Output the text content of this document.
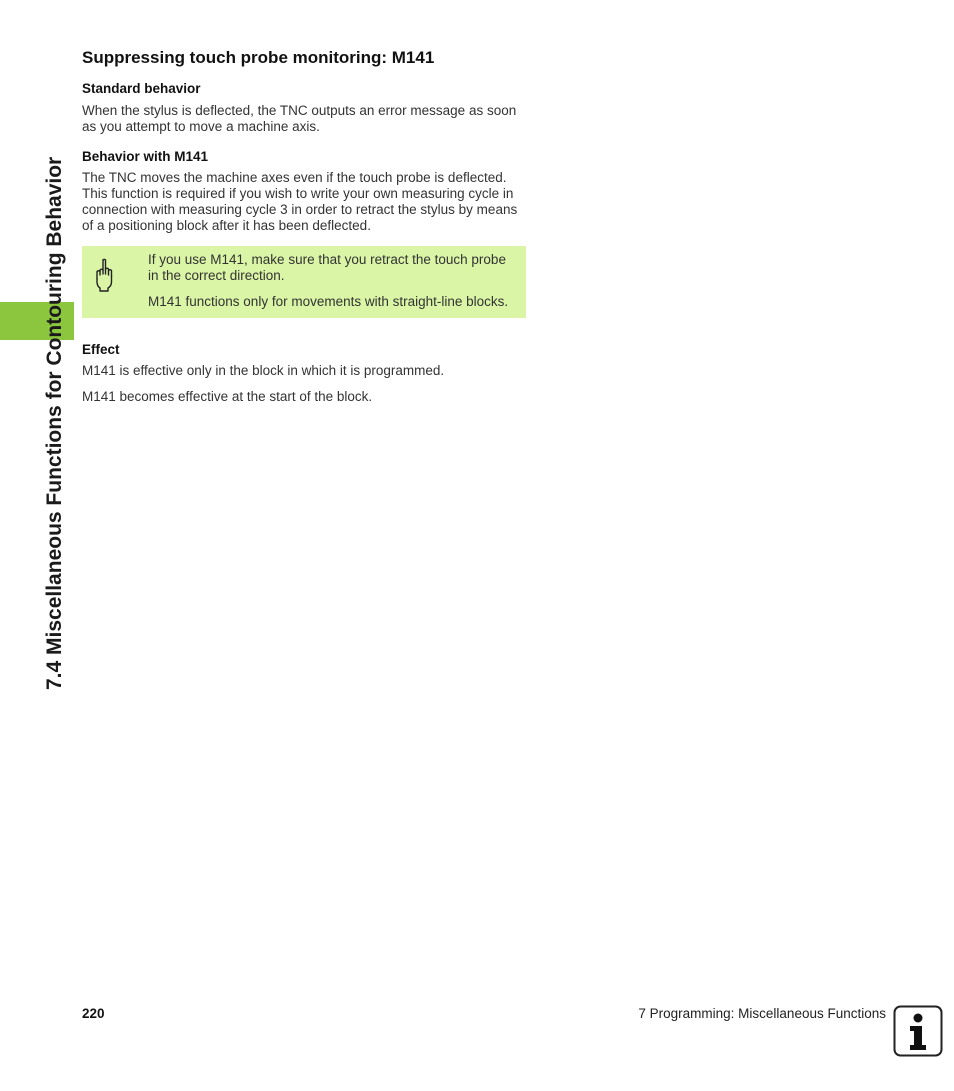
7.4 Miscellaneous Functions for Contouring Behavior
Suppressing touch probe monitoring: M141
Standard behavior

When the stylus is deflected, the TNC outputs an error message as soon as you attempt to move a machine axis.

Behavior with M141

The TNC moves the machine axes even if the touch probe is deflected. This function is required if you wish to write your own measuring cycle in connection with measuring cycle 3 in order to retract the stylus by means of a positioning block after it has been deflected.

If you use M141, make sure that you retract the touch probe in the correct direction.

M141 functions only for movements with straight-line blocks.

Effect

M141 is effective only in the block in which it is programmed.

M141 becomes effective at the start of the block.

220	7 Programming: Miscellaneous Functions
